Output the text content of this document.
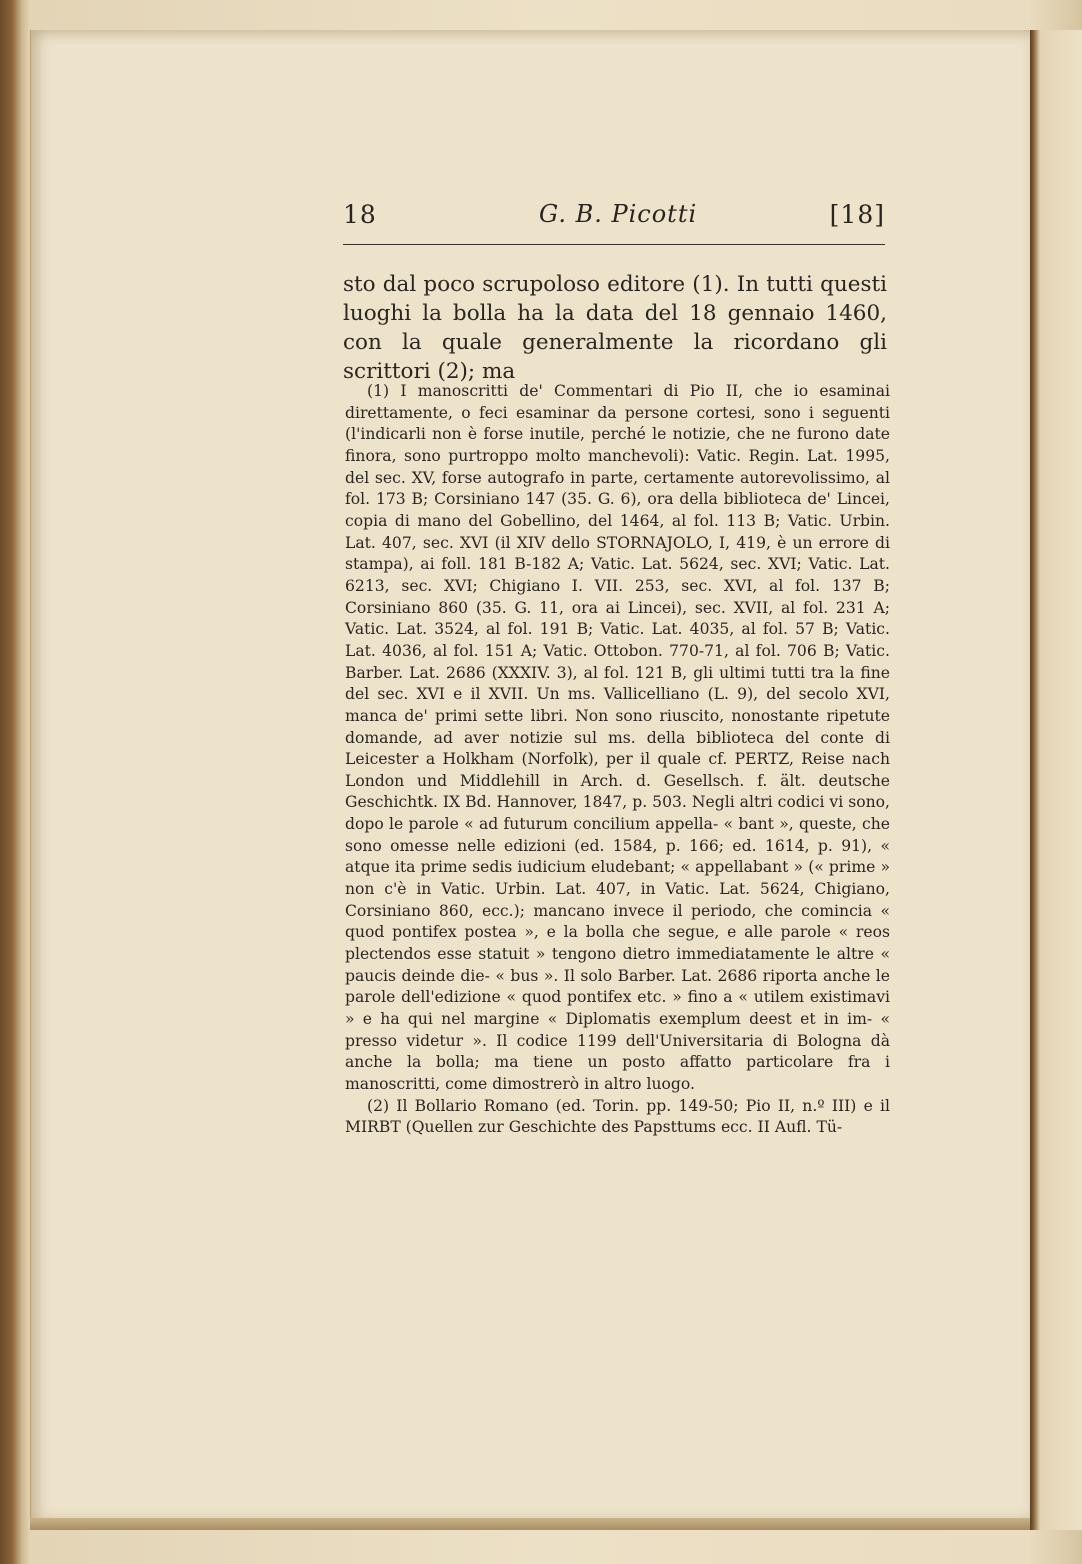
18	G. B. Picotti	[18]

sto dal poco scrupoloso editore (1). In tutti questi luoghi la bolla ha la data del 18 gennaio 1460, con la quale generalmente la ricordano gli scrittori (2); ma

(1) I manoscritti de' Commentari di Pio II, che io esaminai direttamente, o feci esaminar da persone cortesi, sono i seguenti (l'indicarli non è forse inutile, perché le notizie, che ne furono date finora, sono purtroppo molto manchevoli): Vatic. Regin. Lat. 1995, del sec. XV, forse autografo in parte, certamente autorevolissimo, al fol. 173 B; Corsiniano 147 (35. G. 6), ora della biblioteca de' Lincei, copia di mano del Gobellino, del 1464, al fol. 113 B; Vatic. Urbin. Lat. 407, sec. XVI (il XIV dello STORNAJOLO, I, 419, è un errore di stampa), ai foll. 181 B-182 A; Vatic. Lat. 5624, sec. XVI; Vatic. Lat. 6213, sec. XVI; Chigiano I. VII. 253, sec. XVI, al fol. 137 B; Corsiniano 860 (35. G. 11, ora ai Lincei), sec. XVII, al fol. 231 A; Vatic. Lat. 3524, al fol. 191 B; Vatic. Lat. 4035, al fol. 57 B; Vatic. Lat. 4036, al fol. 151 A; Vatic. Ottobon. 770-71, al fol. 706 B; Vatic. Barber. Lat. 2686 (XXXIV. 3), al fol. 121 B, gli ultimi tutti tra la fine del sec. XVI e il XVII. Un ms. Vallicelliano (L. 9), del secolo XVI, manca de' primi sette libri. Non sono riuscito, nonostante ripetute domande, ad aver notizie sul ms. della biblioteca del conte di Leicester a Holkham (Norfolk), per il quale cf. PERTZ, Reise nach London und Middlehill in Arch. d. Gesellsch. f. ält. deutsche Geschichtk. IX Bd. Hannover, 1847, p. 503. Negli altri codici vi sono, dopo le parole « ad futurum concilium appella- « bant », queste, che sono omesse nelle edizioni (ed. 1584, p. 166; ed. 1614, p. 91), « atque ita prime sedis iudicium eludebant; « appellabant » (« prime » non c'è in Vatic. Urbin. Lat. 407, in Vatic. Lat. 5624, Chigiano, Corsiniano 860, ecc.); mancano invece il periodo, che comincia « quod pontifex postea », e la bolla che segue, e alle parole « reos plectendos esse statuit » tengono dietro immediatamente le altre « paucis deinde die- « bus ». Il solo Barber. Lat. 2686 riporta anche le parole dell'edizione « quod pontifex etc. » fino a « utilem existimavi » e ha qui nel margine « Diplomatis exemplum deest et in im- « presso videtur ». Il codice 1199 dell'Universitaria di Bologna dà anche la bolla; ma tiene un posto affatto particolare fra i manoscritti, come dimostrerò in altro luogo.

(2) Il Bollario Romano (ed. Torin. pp. 149-50; Pio II, n.º III) e il MIRBT (Quellen zur Geschichte des Papsttums ecc. II Aufl. Tü-
